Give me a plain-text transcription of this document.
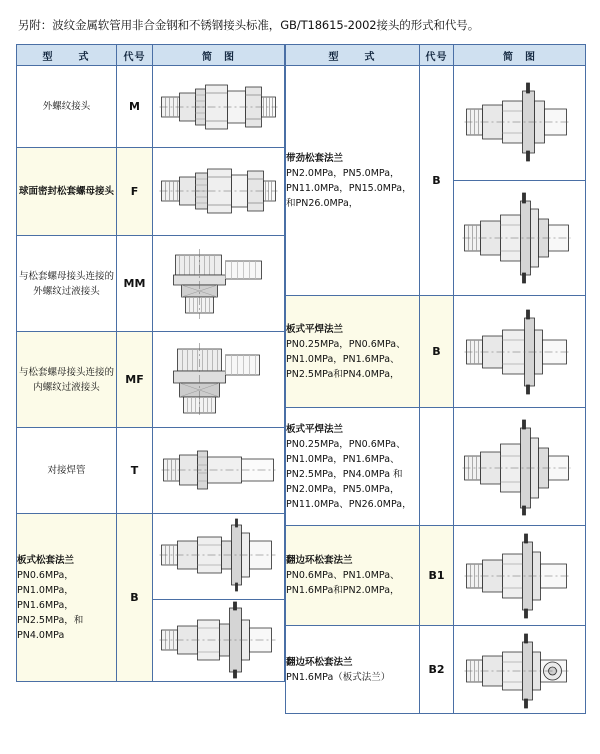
另附：波纹金属软管用非合金钢和不锈钢接头标准，GB/T18615-2002接头的形式和代号。
型　　式	代号	简　图
外螺纹接头	M	

球面密封松套螺母接头	F	

与松套螺母接头连接的外螺纹过液接头	MM	

与松套螺母接头连接的内螺纹过液接头	MF	

对接焊管	T	

板式松套法兰
PN0.6MPa，PN1.0MPa，PN1.6MPa，PN2.5MPa，和PN4.0MPa	B	
型　　式	代号	简　图
带劲松套法兰
PN2.0MPa，PN5.0MPa，PN11.0MPa，PN15.0MPa，和PN26.0MPa，	B	

板式平焊法兰
PN0.25MPa，PN0.6MPa、PN1.0MPa，PN1.6MPa、PN2.5MPa和PN4.0MPa，	B	

板式平焊法兰
PN0.25MPa，PN0.6MPa、PN1.0MPa，PN1.6MPa、PN2.5MPa，PN4.0MPa 和PN2.0MPa，PN5.0MPa，PN11.0MPa、PN26.0MPa，

翻边环松套法兰
PN0.6MPa、PN1.0MPa、PN1.6MPa和PN2.0MPa，	B1	

翻边环松套法兰
PN1.6MPa（板式法兰）	B2	
